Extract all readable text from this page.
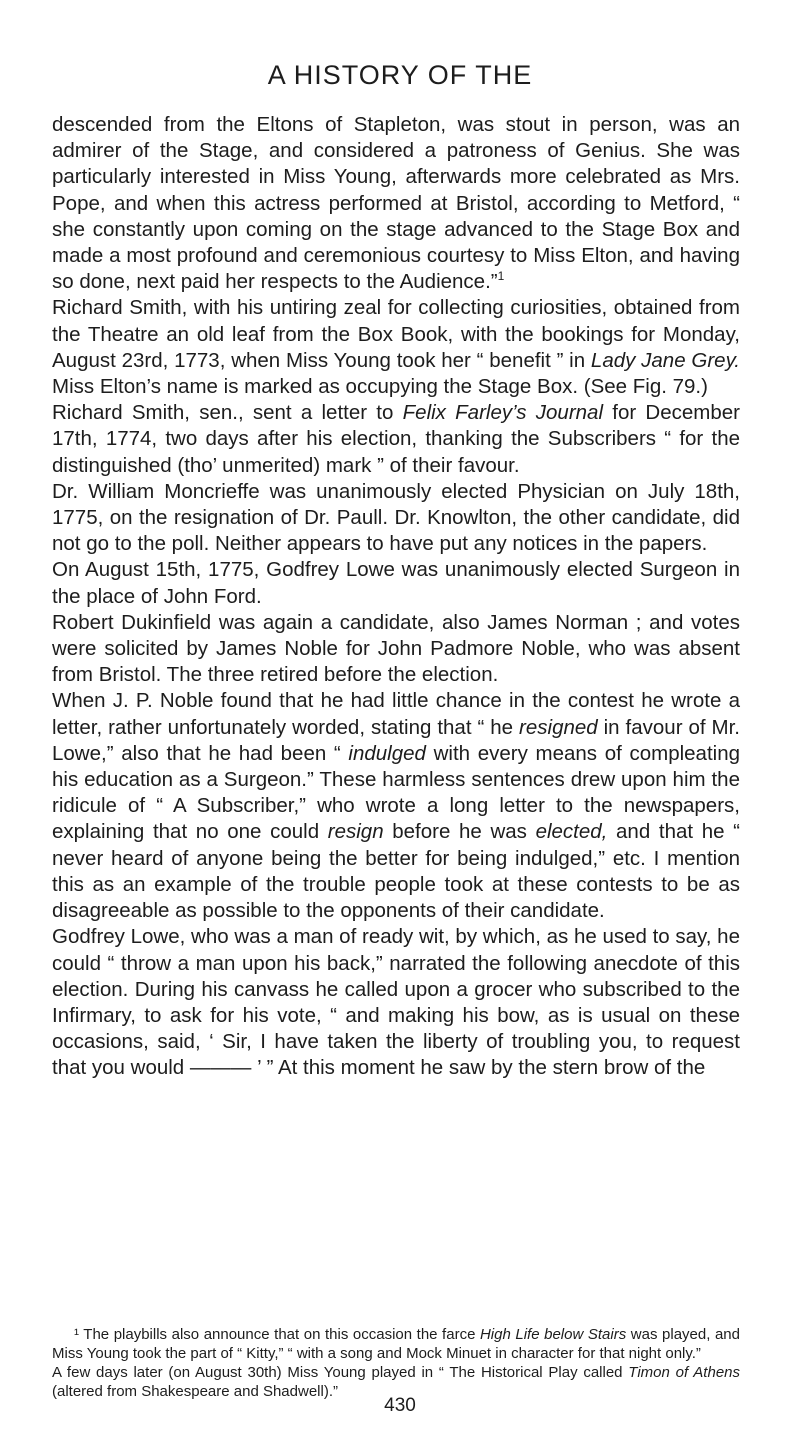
A HISTORY OF THE

descended from the Eltons of Stapleton, was stout in person, was an admirer of the Stage, and considered a patroness of Genius. She was particularly interested in Miss Young, afterwards more celebrated as Mrs. Pope, and when this actress performed at Bristol, according to Metford, “ she constantly upon coming on the stage advanced to the Stage Box and made a most profound and ceremonious courtesy to Miss Elton, and having so done, next paid her respects to the Audience.”$^1$

Richard Smith, with his untiring zeal for collecting curiosities, obtained from the Theatre an old leaf from the Box Book, with the bookings for Monday, August 23rd, 1773, when Miss Young took her “ benefit ” in Lady Jane Grey. Miss Elton’s name is marked as occupying the Stage Box. (See Fig. 79.)

Richard Smith, sen., sent a letter to Felix Farley’s Journal for December 17th, 1774, two days after his election, thanking the Subscribers “ for the distinguished (tho’ unmerited) mark ” of their favour.

Dr. William Moncrieffe was unanimously elected Physician on July 18th, 1775, on the resignation of Dr. Paull. Dr. Knowlton, the other candidate, did not go to the poll. Neither appears to have put any notices in the papers.

On August 15th, 1775, Godfrey Lowe was unanimously elected Surgeon in the place of John Ford.

Robert Dukinfield was again a candidate, also James Norman ; and votes were solicited by James Noble for John Padmore Noble, who was absent from Bristol. The three retired before the election.

When J. P. Noble found that he had little chance in the contest he wrote a letter, rather unfortunately worded, stating that “ he resigned in favour of Mr. Lowe,” also that he had been “ indulged with every means of compleating his education as a Surgeon.” These harmless sentences drew upon him the ridicule of “ A Subscriber,” who wrote a long letter to the newspapers, explaining that no one could resign before he was elected, and that he “ never heard of anyone being the better for being indulged,” etc. I mention this as an example of the trouble people took at these contests to be as disagreeable as possible to the opponents of their candidate.

Godfrey Lowe, who was a man of ready wit, by which, as he used to say, he could “ throw a man upon his back,” narrated the following anecdote of this election. During his canvass he called upon a grocer who subscribed to the Infirmary, to ask for his vote, “ and making his bow, as is usual on these occasions, said, ‘ Sir, I have taken the liberty of troubling you, to request that you would ——— ’ ” At this moment he saw by the stern brow of the

¹ The playbills also announce that on this occasion the farce High Life below Stairs was played, and Miss Young took the part of “ Kitty,” “ with a song and Mock Minuet in character for that night only.”

A few days later (on August 30th) Miss Young played in “ The Historical Play called Timon of Athens (altered from Shakespeare and Shadwell).”

430
